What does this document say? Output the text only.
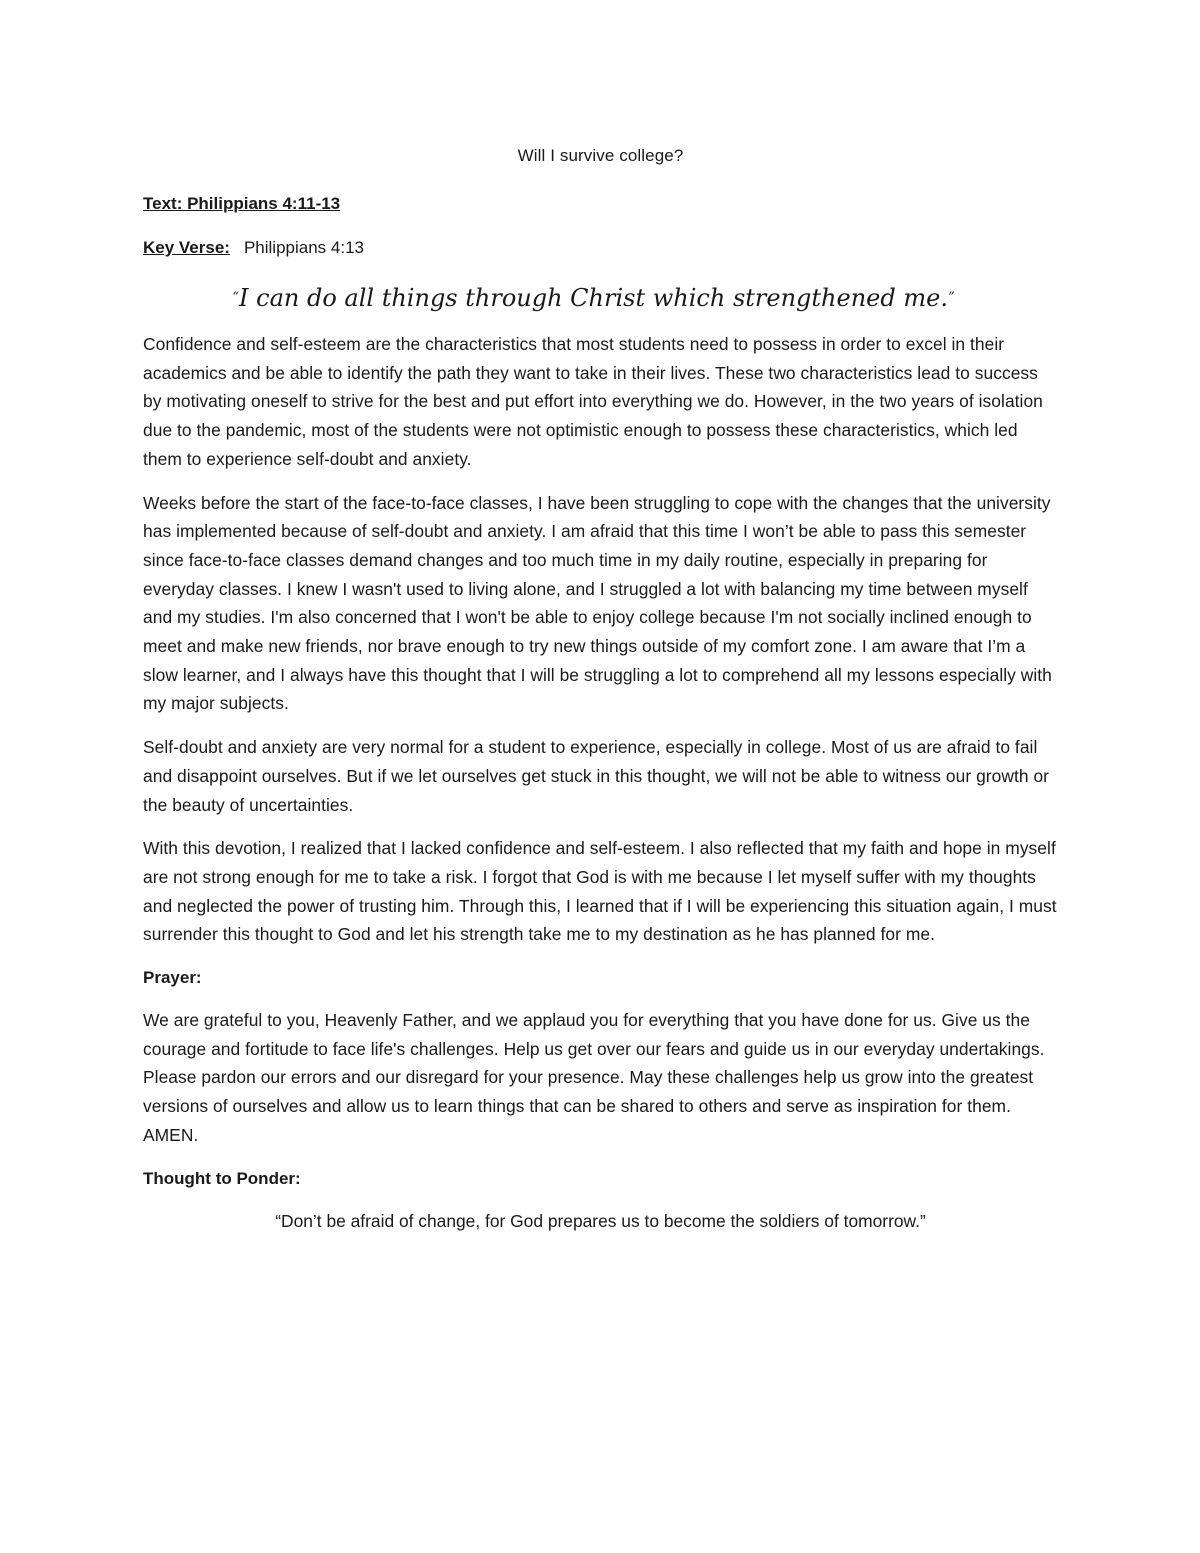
Will I survive college?
Text: Philippians 4:11-13
Key Verse: Philippians 4:13
“I can do all things through Christ which strengthened me.”

Confidence and self-esteem are the characteristics that most students need to possess in order to excel in their academics and be able to identify the path they want to take in their lives. These two characteristics lead to success by motivating oneself to strive for the best and put effort into everything we do. However, in the two years of isolation due to the pandemic, most of the students were not optimistic enough to possess these characteristics, which led them to experience self-doubt and anxiety.

Weeks before the start of the face-to-face classes, I have been struggling to cope with the changes that the university has implemented because of self-doubt and anxiety. I am afraid that this time I won’t be able to pass this semester since face-to-face classes demand changes and too much time in my daily routine, especially in preparing for everyday classes. I knew I wasn't used to living alone, and I struggled a lot with balancing my time between myself and my studies. I'm also concerned that I won't be able to enjoy college because I'm not socially inclined enough to meet and make new friends, nor brave enough to try new things outside of my comfort zone. I am aware that I’m a slow learner, and I always have this thought that I will be struggling a lot to comprehend all my lessons especially with my major subjects.

Self-doubt and anxiety are very normal for a student to experience, especially in college. Most of us are afraid to fail and disappoint ourselves. But if we let ourselves get stuck in this thought, we will not be able to witness our growth or the beauty of uncertainties.

With this devotion, I realized that I lacked confidence and self-esteem. I also reflected that my faith and hope in myself are not strong enough for me to take a risk. I forgot that God is with me because I let myself suffer with my thoughts and neglected the power of trusting him. Through this, I learned that if I will be experiencing this situation again, I must surrender this thought to God and let his strength take me to my destination as he has planned for me.

Prayer:

We are grateful to you, Heavenly Father, and we applaud you for everything that you have done for us. Give us the courage and fortitude to face life's challenges. Help us get over our fears and guide us in our everyday undertakings. Please pardon our errors and our disregard for your presence. May these challenges help us grow into the greatest versions of ourselves and allow us to learn things that can be shared to others and serve as inspiration for them. AMEN.

Thought to Ponder:
“Don’t be afraid of change, for God prepares us to become the soldiers of tomorrow.”
